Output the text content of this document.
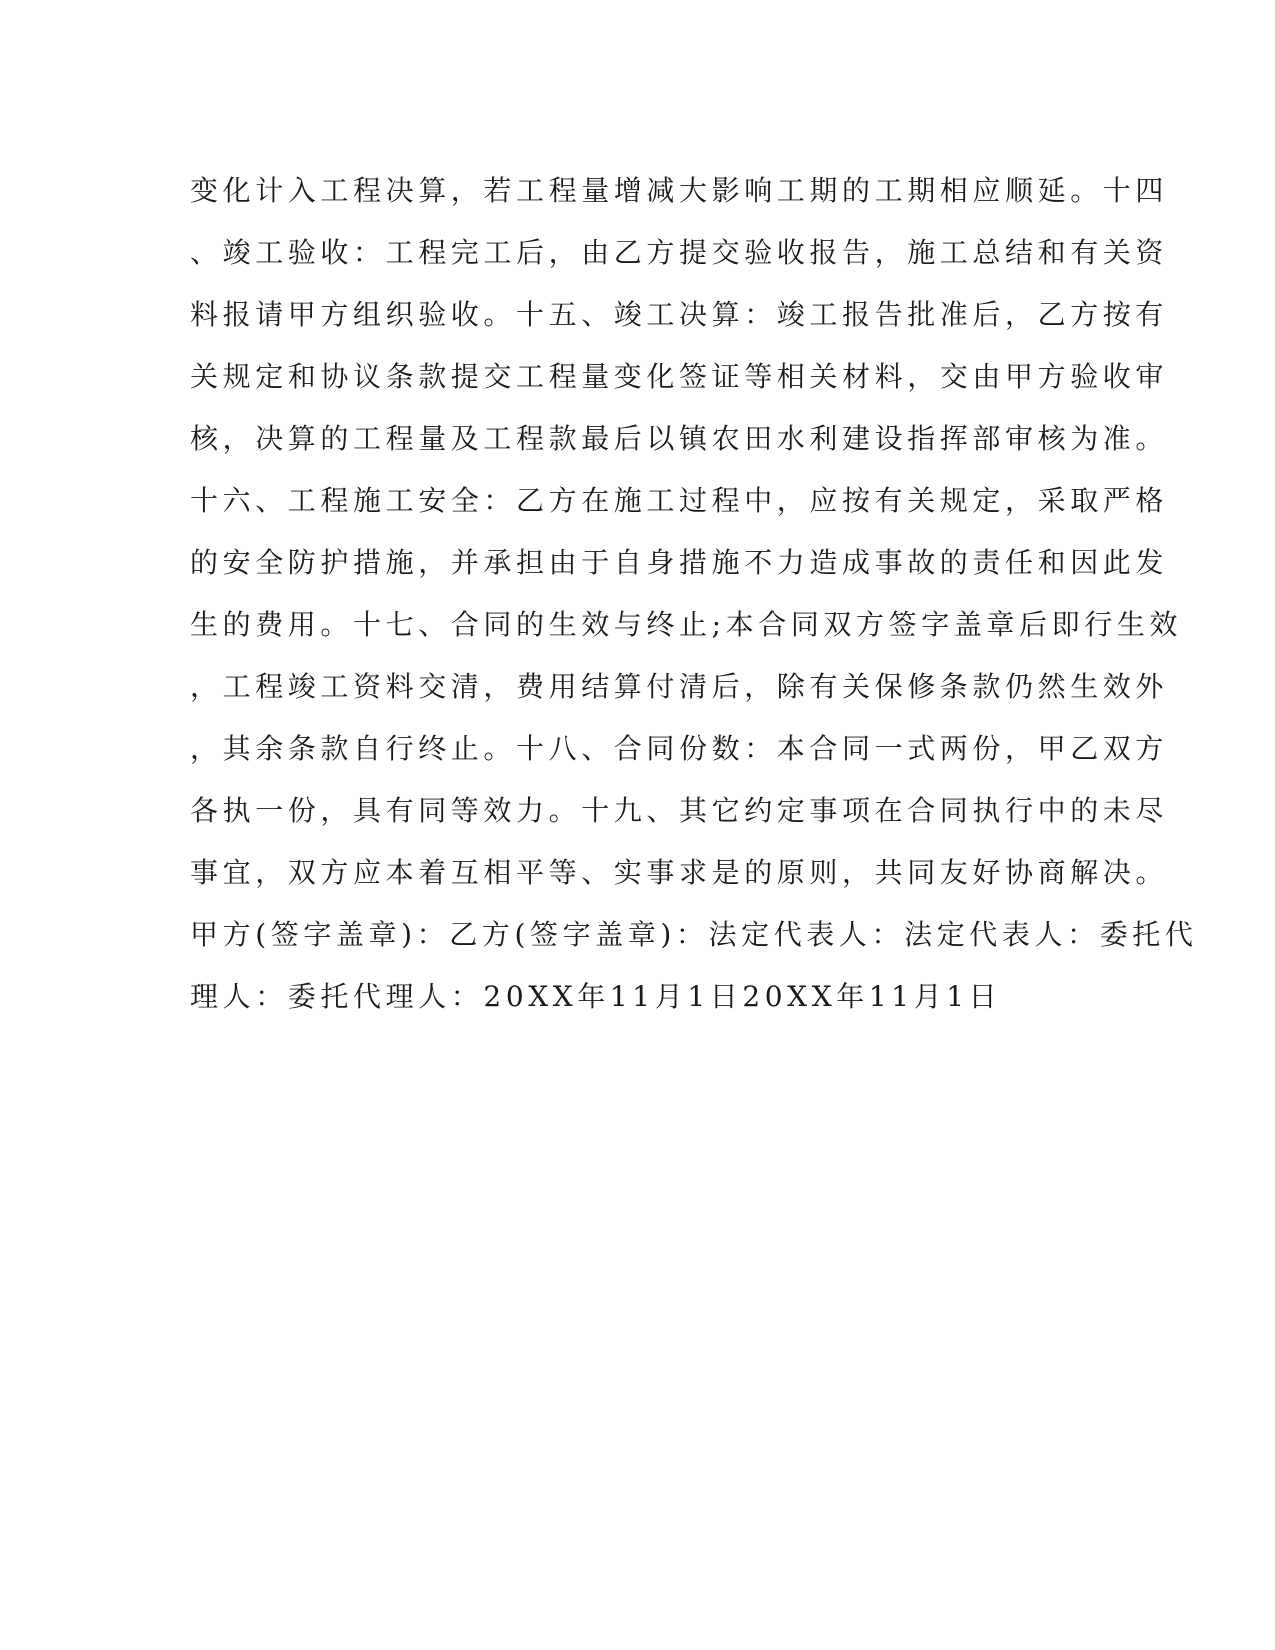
变化计入工程决算，若工程量增减大影响工期的工期相应顺延。十四
、竣工验收：工程完工后，由乙方提交验收报告，施工总结和有关资
料报请甲方组织验收。十五、竣工决算：竣工报告批准后，乙方按有
关规定和协议条款提交工程量变化签证等相关材料，交由甲方验收审
核，决算的工程量及工程款最后以镇农田水利建设指挥部审核为准。
十六、工程施工安全：乙方在施工过程中，应按有关规定，采取严格
的安全防护措施，并承担由于自身措施不力造成事故的责任和因此发
生的费用。十七、合同的生效与终止;本合同双方签字盖章后即行生效
，工程竣工资料交清，费用结算付清后，除有关保修条款仍然生效外
，其余条款自行终止。十八、合同份数：本合同一式两份，甲乙双方
各执一份，具有同等效力。十九、其它约定事项在合同执行中的未尽
事宜，双方应本着互相平等、实事求是的原则，共同友好协商解决。
甲方(签字盖章)：乙方(签字盖章)：法定代表人：法定代表人：委托代
理人：委托代理人：20XX年11月1日20XX年11月1日
